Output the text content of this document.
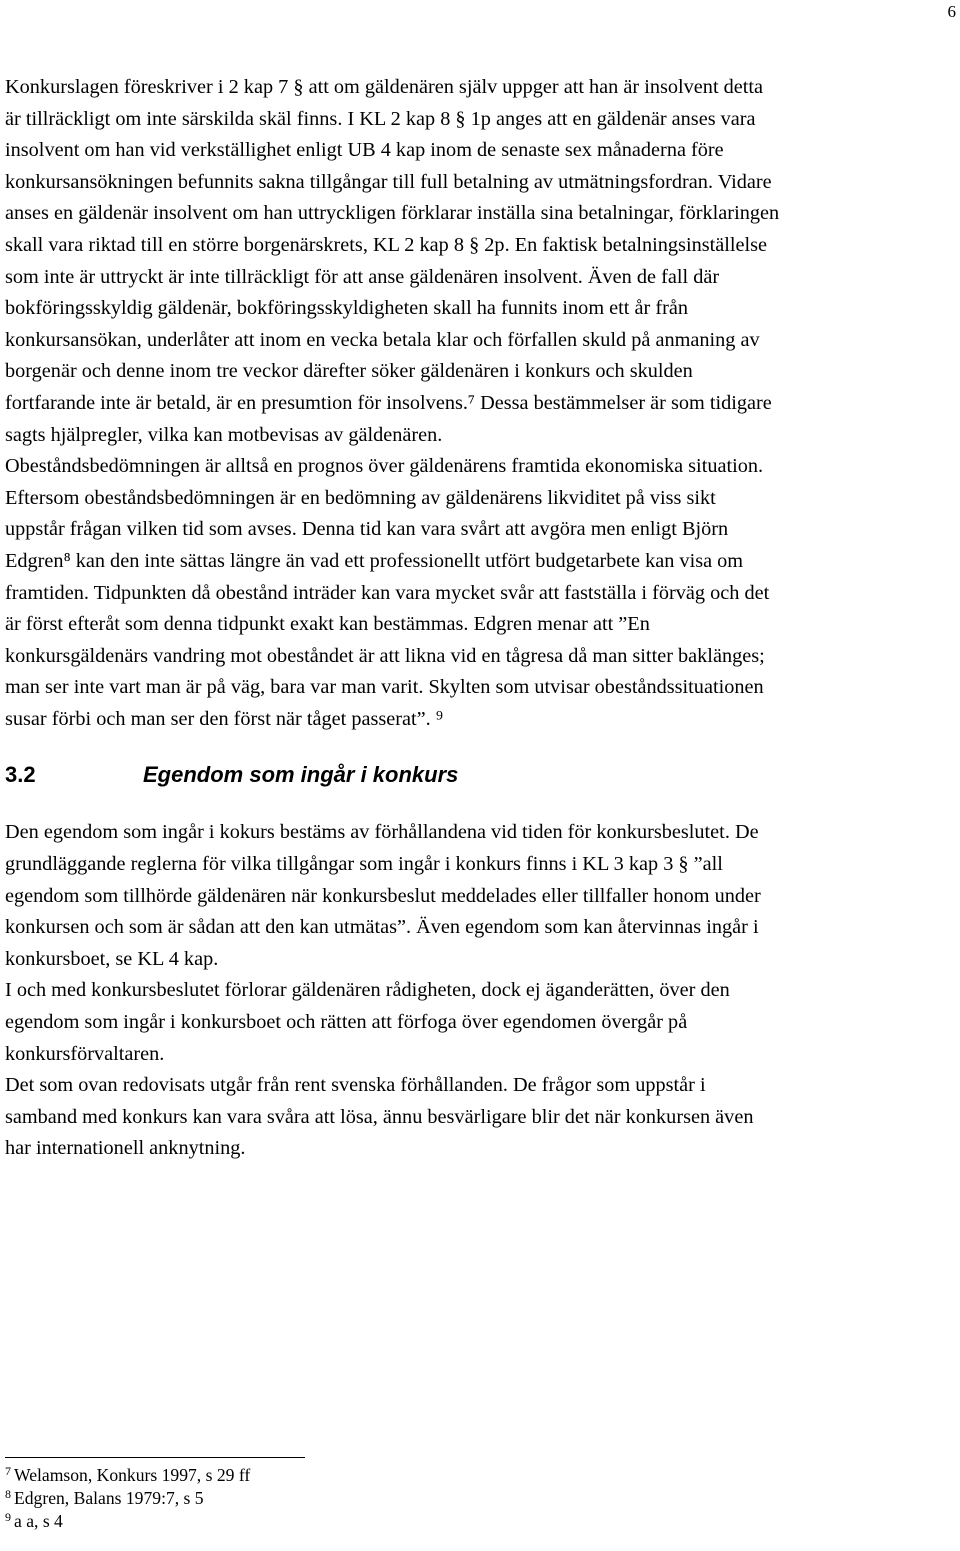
6

Konkurslagen föreskriver i 2 kap 7 § att om gäldenären själv uppger att han är insolvent detta
är tillräckligt om inte särskilda skäl finns. I KL 2 kap 8 § 1p anges att en gäldenär anses vara
insolvent om han vid verkställighet enligt UB 4 kap inom de senaste sex månaderna före
konkursansökningen befunnits sakna tillgångar till full betalning av utmätningsfordran. Vidare
anses en gäldenär insolvent om han uttryckligen förklarar inställa sina betalningar, förklaringen
skall vara riktad till en större borgenärskrets, KL 2 kap 8 § 2p. En faktisk betalningsinställelse
som inte är uttryckt är inte tillräckligt för att anse gäldenären insolvent. Även de fall där
bokföringsskyldig gäldenär, bokföringsskyldigheten skall ha funnits inom ett år från
konkursansökan, underlåter att inom en vecka betala klar och förfallen skuld på anmaning av
borgenär och denne inom tre veckor därefter söker gäldenären i konkurs och skulden
fortfarande inte är betald, är en presumtion för insolvens.⁷ Dessa bestämmelser är som tidigare
sagts hjälpregler, vilka kan motbevisas av gäldenären.

Obeståndsbedömningen är alltså en prognos över gäldenärens framtida ekonomiska situation.
Eftersom obeståndsbedömningen är en bedömning av gäldenärens likviditet på viss sikt
uppstår frågan vilken tid som avses. Denna tid kan vara svårt att avgöra men enligt Björn
Edgren⁸ kan den inte sättas längre än vad ett professionellt utfört budgetarbete kan visa om
framtiden. Tidpunkten då obestånd inträder kan vara mycket svår att fastställa i förväg och det
är först efteråt som denna tidpunkt exakt kan bestämmas. Edgren menar att ”En
konkursgäldenärs vandring mot obeståndet är att likna vid en tågresa då man sitter baklänges;
man ser inte vart man är på väg, bara var man varit. Skylten som utvisar obeståndssituationen
susar förbi och man ser den först när tåget passerat”. ⁹

3.2	Egendom som ingår i konkurs

Den egendom som ingår i kokurs bestäms av förhållandena vid tiden för konkursbeslutet. De
grundläggande reglerna för vilka tillgångar som ingår i konkurs finns i KL 3 kap 3 § ”all
egendom som tillhörde gäldenären när konkursbeslut meddelades eller tillfaller honom under
konkursen och som är sådan att den kan utmätas”. Även egendom som kan återvinnas ingår i
konkursboet, se KL 4 kap.

I och med konkursbeslutet förlorar gäldenären rådigheten, dock ej äganderätten, över den
egendom som ingår i konkursboet och rätten att förfoga över egendomen övergår på
konkursförvaltaren.

Det som ovan redovisats utgår från rent svenska förhållanden. De frågor som uppstår i
samband med konkurs kan vara svåra att lösa, ännu besvärligare blir det när konkursen även
har internationell anknytning.

$^7$ Welamson, Konkurs 1997, s 29 ff
$^8$ Edgren, Balans 1979:7, s 5
$^9$ a a, s 4
